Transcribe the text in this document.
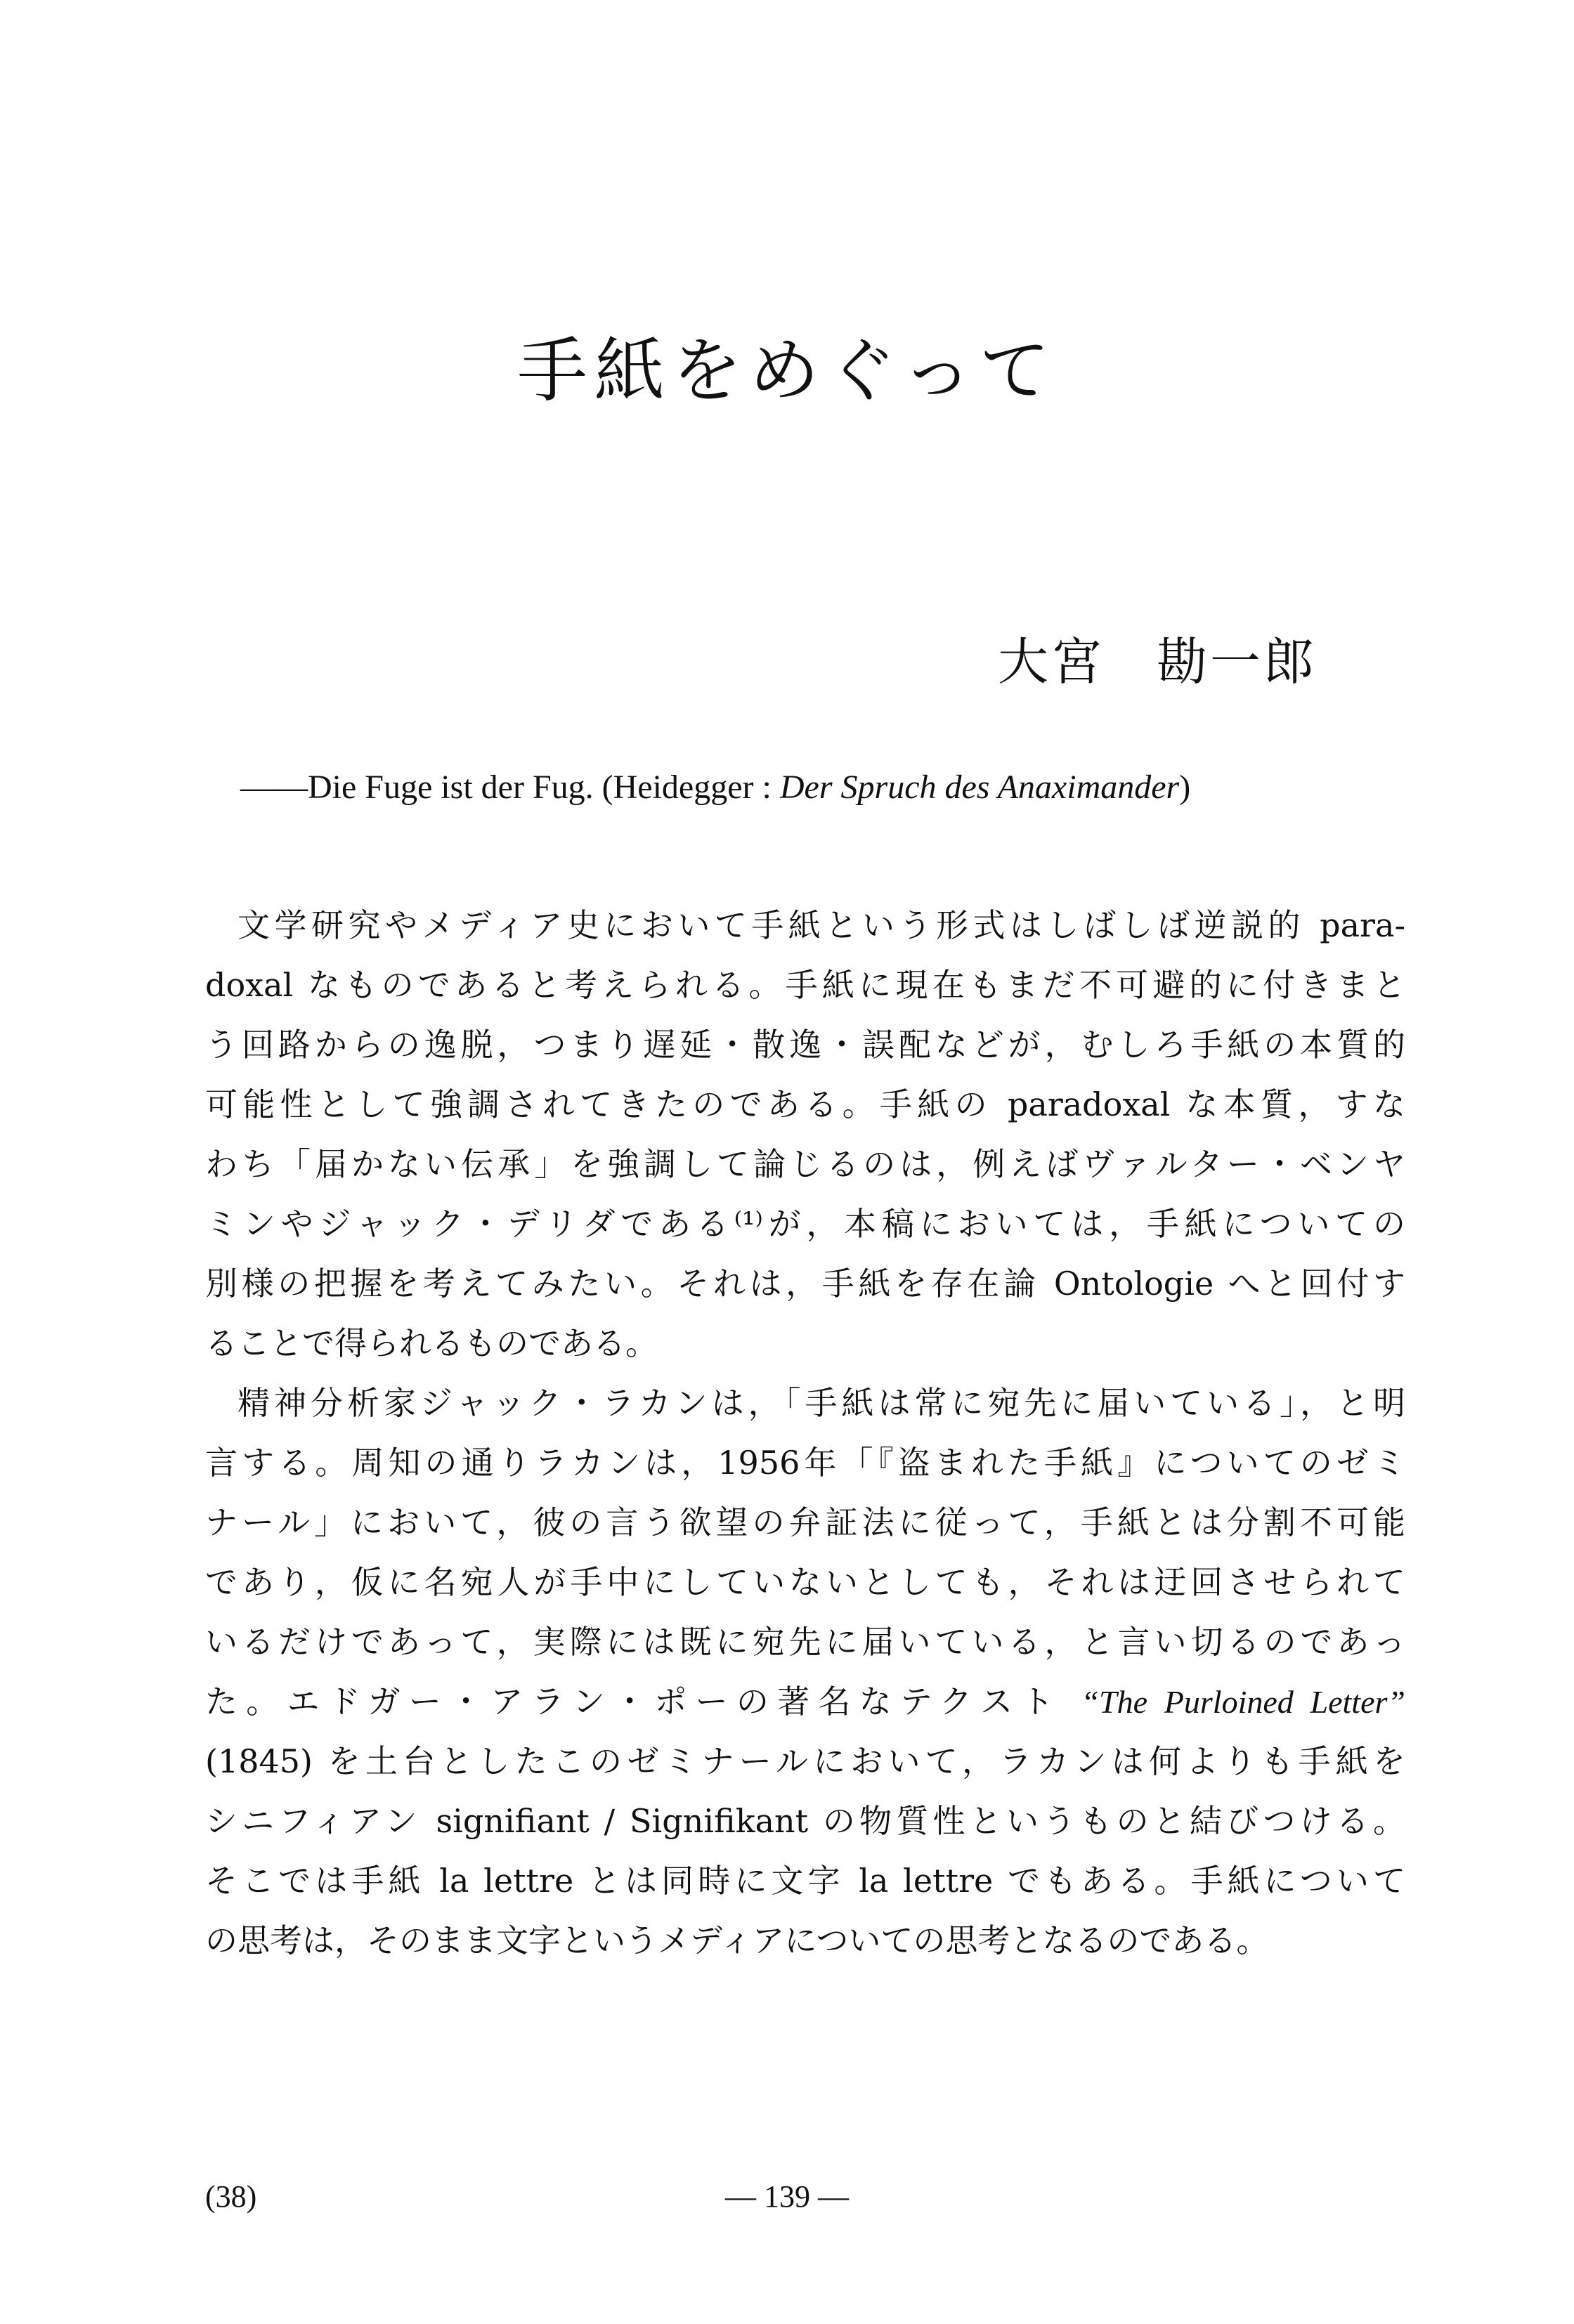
手紙をめぐって
大宮 勘一郎
——Die Fuge ist der Fug. (Heidegger : Der Spruch des Anaximander)
文学研究やメディア史において手紙という形式はしばしば逆説的 para-
doxal なものであると考えられる。手紙に現在もまだ不可避的に付きまと
う回路からの逸脱，つまり遅延・散逸・誤配などが，むしろ手紙の本質的
可能性として強調されてきたのである。手紙の paradoxal な本質，すな
わち「届かない伝承」を強調して論じるのは，例えばヴァルター・ベンヤ
ミンやジャック・デリダである⁽¹⁾が，本稿においては，手紙についての
別様の把握を考えてみたい。それは，手紙を存在論 Ontologie へと回付す
ることで得られるものである。
精神分析家ジャック・ラカンは，「手紙は常に宛先に届いている」，と明
言する。周知の通りラカンは，1956年「『盗まれた手紙』についてのゼミ
ナール」において，彼の言う欲望の弁証法に従って，手紙とは分割不可能
であり，仮に名宛人が手中にしていないとしても，それは迂回させられて
いるだけであって，実際には既に宛先に届いている，と言い切るのであっ
た。エドガー・アラン・ポーの著名なテクスト “The Purloined Letter”
(1845) を土台としたこのゼミナールにおいて，ラカンは何よりも手紙を
シニフィアン signifiant / Signifikant の物質性というものと結びつける。
そこでは手紙 la lettre とは同時に文字 la lettre でもある。手紙について
の思考は，そのまま文字というメディアについての思考となるのである。
(38)	— 139 —
